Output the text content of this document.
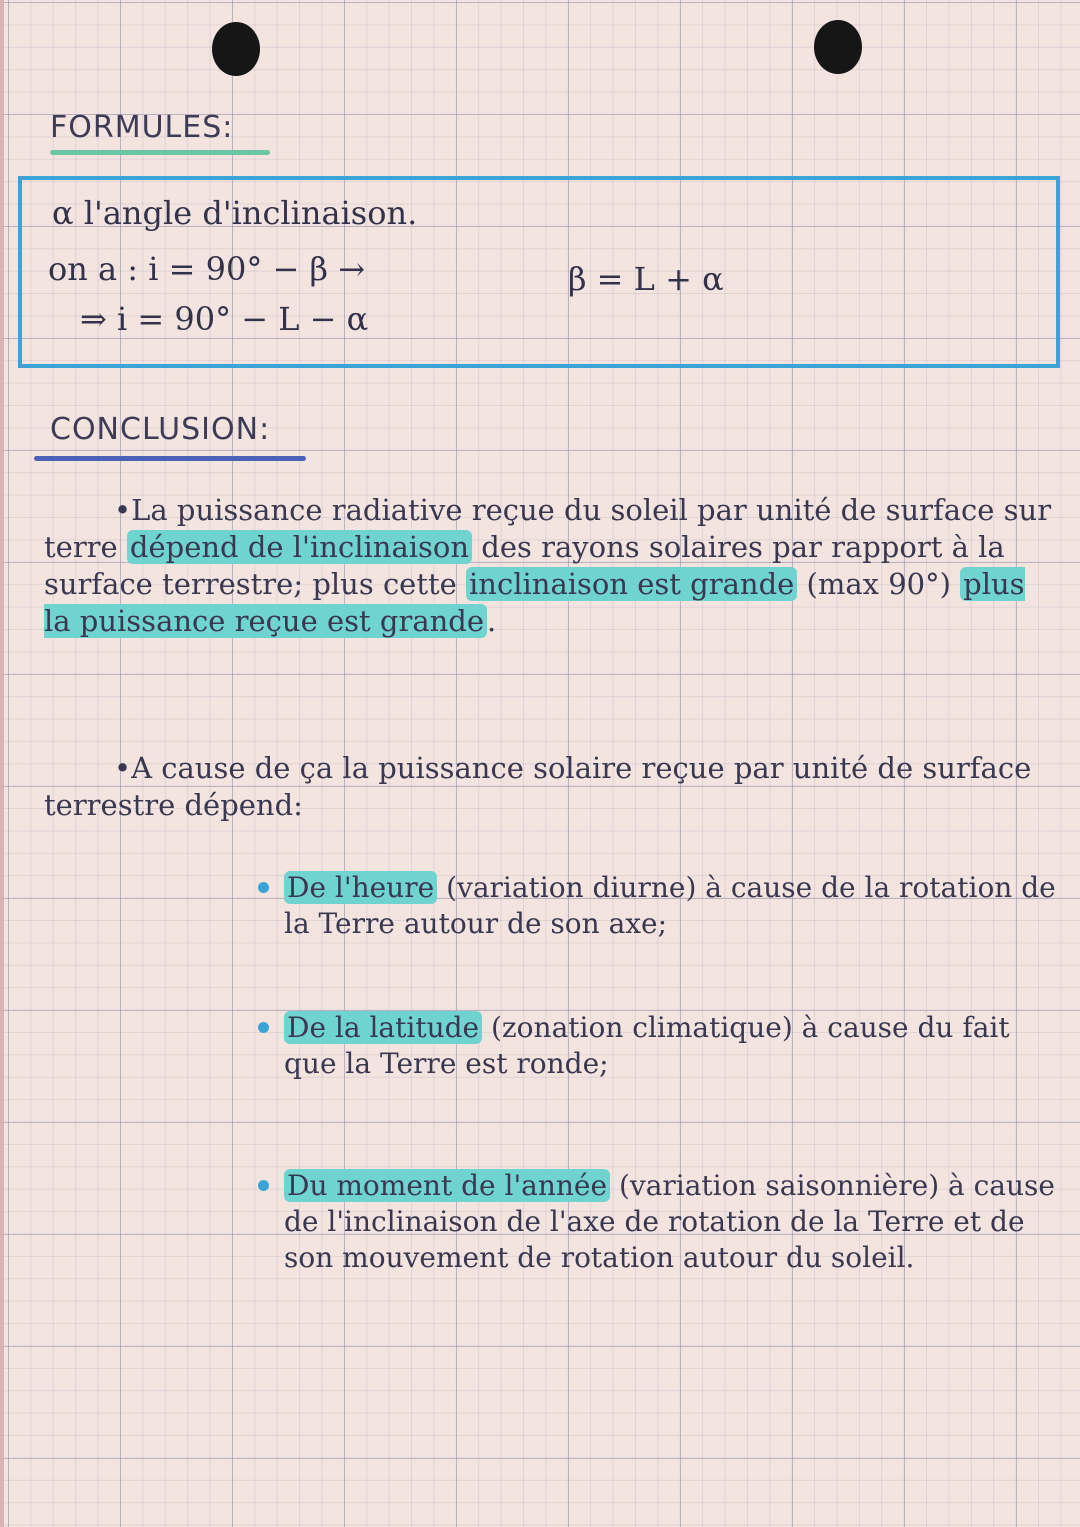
FORMULES:
α l'angle d'inclinaison.
on a : i = 90° − β →	β = L + α
⇒ i = 90° − L − α
CONCLUSION:

•La puissance radiative reçue du soleil par unité de surface sur terre dépend de l'inclinaison des rayons solaires par rapport à la surface terrestre; plus cette inclinaison est grande (max 90°) plus la puissance reçue est grande .

•A cause de ça la puissance solaire reçue par unité de surface terrestre dépend:

De l'heure (variation diurne) à cause de la rotation de la Terre autour de son axe;
De la latitude (zonation climatique) à cause du fait que la Terre est ronde;
Du moment de l'année (variation saisonnière) à cause de l'inclinaison de l'axe de rotation de la Terre et de son mouvement de rotation autour du soleil.
